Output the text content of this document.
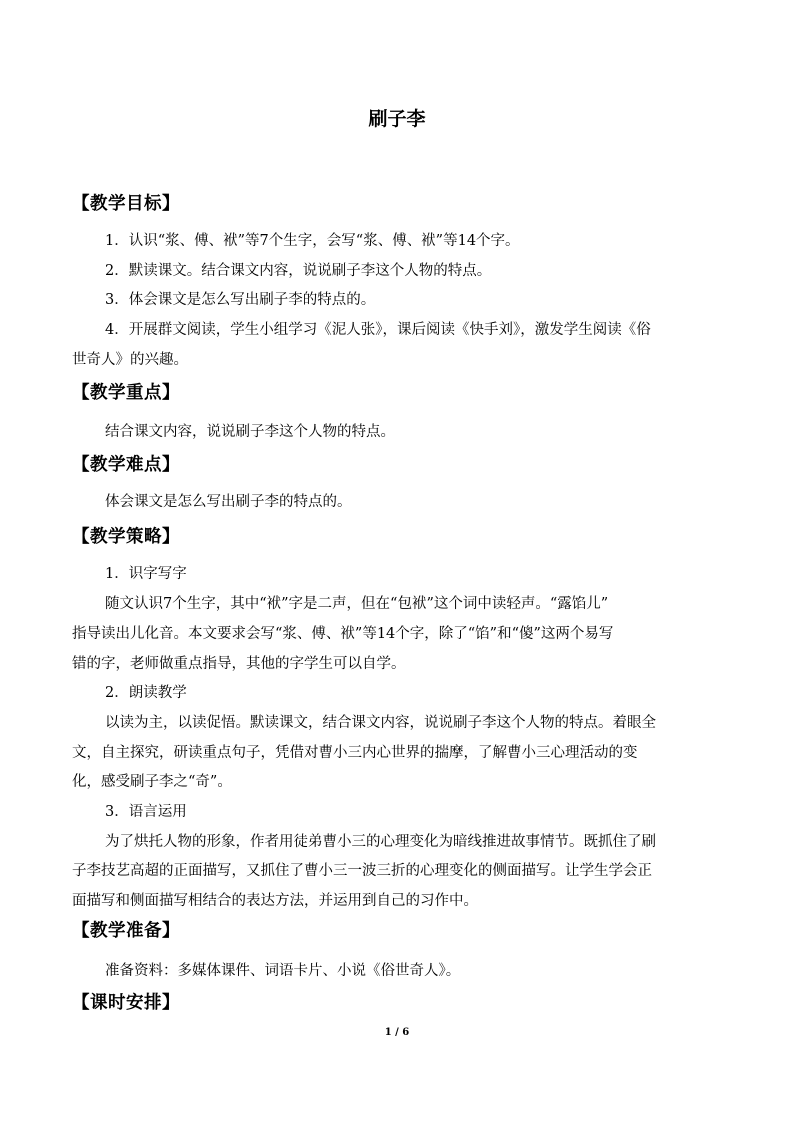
刷子李
【教学目标】
1．认识“浆、傅、袱”等7个生字，会写“浆、傅、袱”等14个字。
2．默读课文。结合课文内容，说说刷子李这个人物的特点。
3．体会课文是怎么写出刷子李的特点的。
4．开展群文阅读，学生小组学习《泥人张》，课后阅读《快手刘》，激发学生阅读《俗
世奇人》的兴趣。
【教学重点】
结合课文内容，说说刷子李这个人物的特点。
【教学难点】
体会课文是怎么写出刷子李的特点的。
【教学策略】
1．识字写字
随文认识7个生字，其中“袱”字是二声，但在“包袱”这个词中读轻声。“露馅儿”
指导读出儿化音。本文要求会写“浆、傅、袱”等14个字，除了“馅”和“傻”这两个易写
错的字，老师做重点指导，其他的字学生可以自学。
2．朗读教学
以读为主，以读促悟。默读课文，结合课文内容，说说刷子李这个人物的特点。着眼全
文，自主探究，研读重点句子，凭借对曹小三内心世界的揣摩，了解曹小三心理活动的变
化，感受刷子李之“奇”。
3．语言运用
为了烘托人物的形象，作者用徒弟曹小三的心理变化为暗线推进故事情节。既抓住了刷
子李技艺高超的正面描写，又抓住了曹小三一波三折的心理变化的侧面描写。让学生学会正
面描写和侧面描写相结合的表达方法，并运用到自己的习作中。
【教学准备】
准备资料：多媒体课件、词语卡片、小说《俗世奇人》。
【课时安排】
1 / 6
